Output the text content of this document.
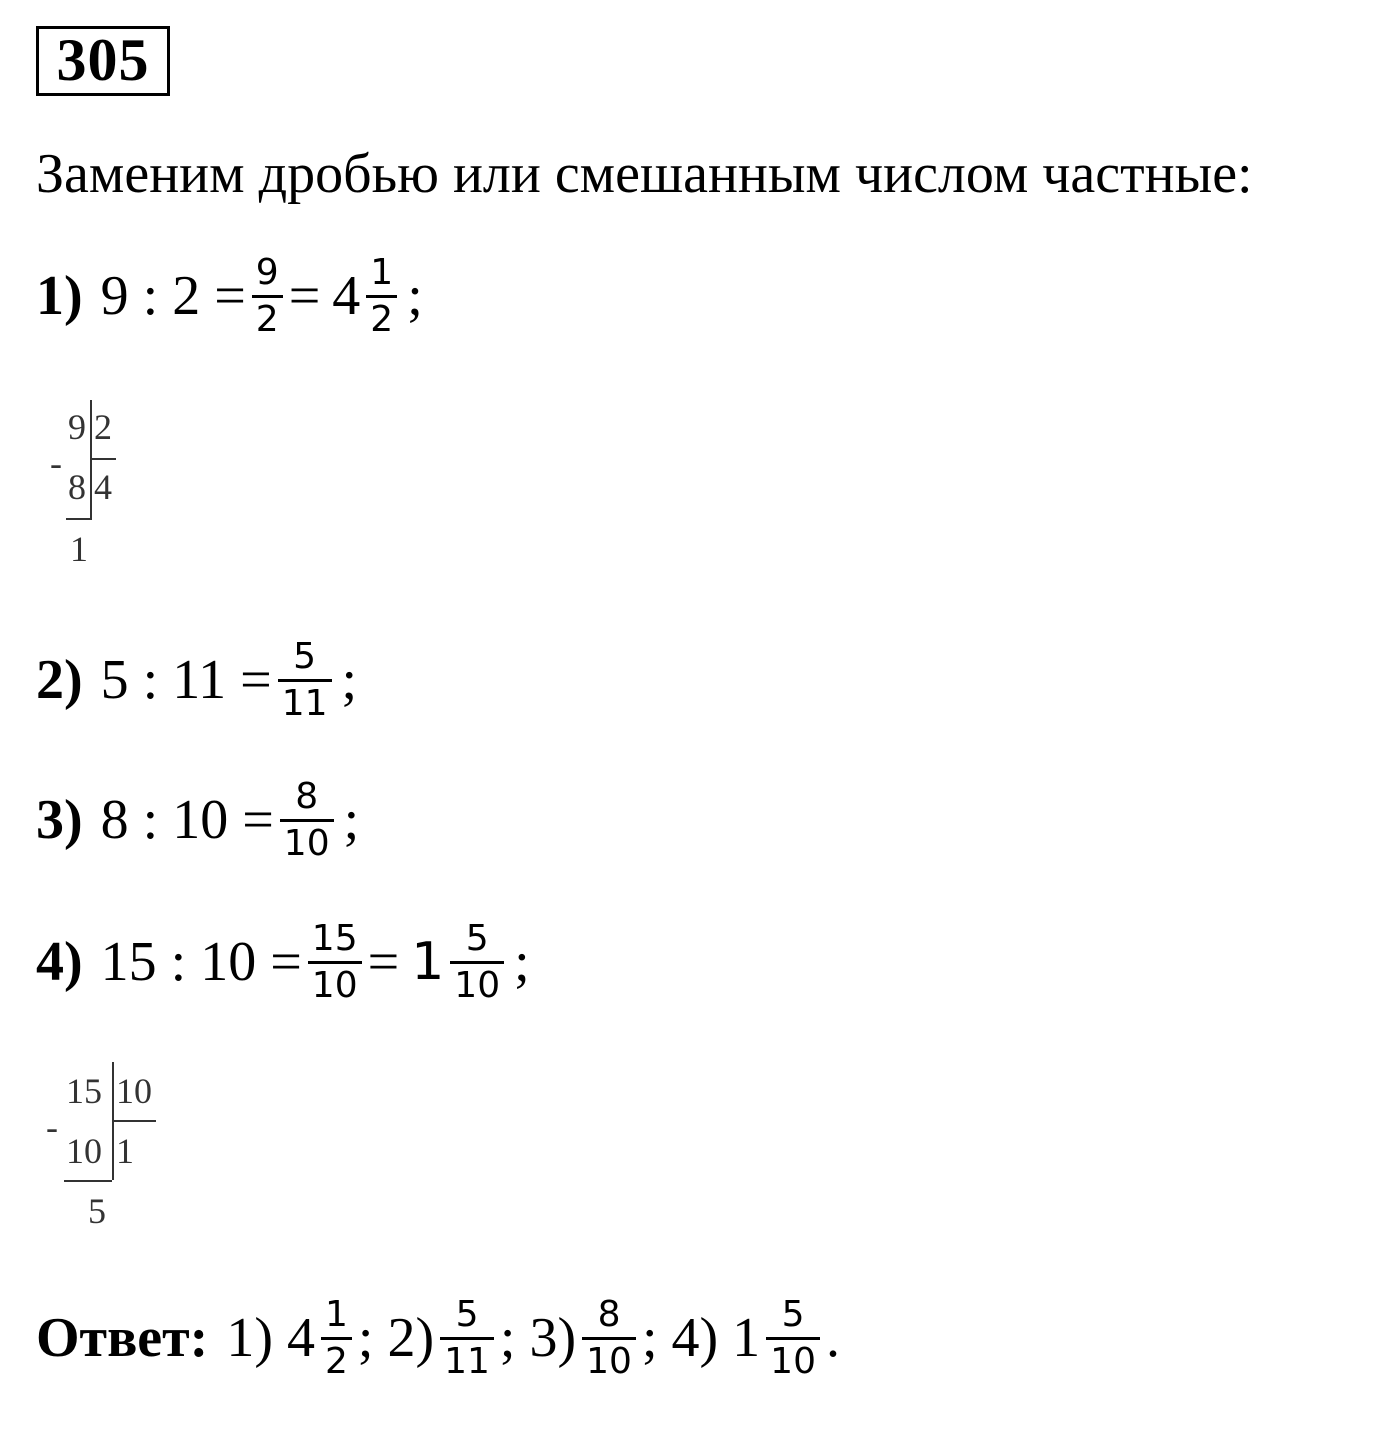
305
Заменим дробью или смешанным числом частные:
1) 9 : $2 = \frac{9}{2} = 4 \frac{1}{2}$ ;
-
9 2
8 4
1
2) 5 : $11 = \frac{5}{11}$ ;
3) 8 : $10 = \frac{8}{10}$ ;
4) 15 : $10 = \frac{15}{10} = 1 \frac{5}{10}$ ;
-
15 10
10 1
5
Ответ: 1) $4 \frac{1}{2}$ ; $2) \frac{5}{11}$ ; $3) \frac{8}{10}$ ; 4) $1 \frac{5}{10}$ .
